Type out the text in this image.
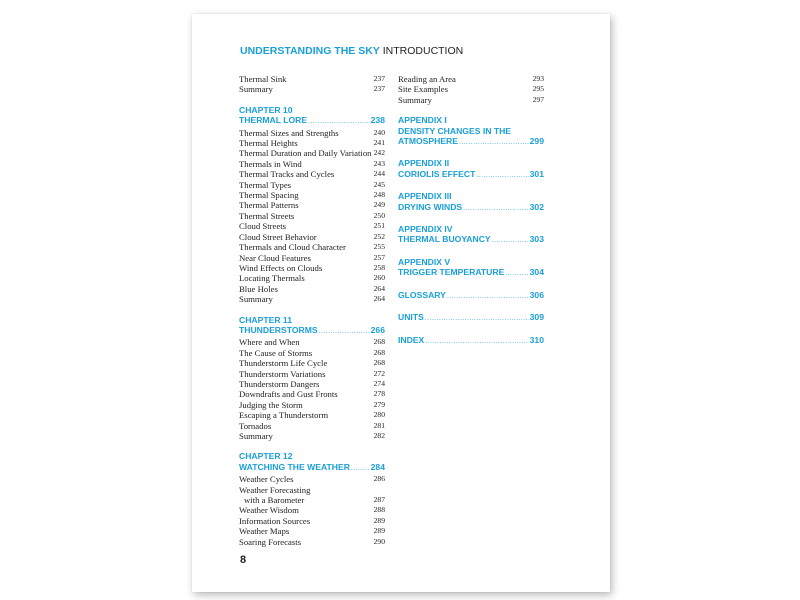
UNDERSTANDING THE SKY INTRODUCTION
Thermal Sink	237
Summary	237
CHAPTER 10
THERMAL LORE .....	238
Thermal Sizes and Strengths	240
Thermal Heights	241
Thermal Duration and Daily Variation 242
Thermals in Wind	243
Thermal Tracks and Cycles	244
Thermal Types	245
Thermal Spacing	248
Thermal Patterns	249
Thermal Streets	250
Cloud Streets	251
Cloud Street Behavior	252
Thermals and Cloud Character	255
Near Cloud Features	257
Wind Effects on Clouds	258
Locating Thermals	260
Blue Holes	264
Summary	264
CHAPTER 11
THUNDERSTORMS .....	266
Where and When	268
The Cause of Storms	268
Thunderstorm Life Cycle	268
Thunderstorm Variations	272
Thunderstorm Dangers	274
Downdrafts and Gust Fronts	278
Judging the Storm	279
Escaping a Thunderstorm	280
Tornados	281
Summary	282
CHAPTER 12
WATCHING THE WEATHER ..... 284
Weather Cycles	286
Weather Forecasting
with a Barometer	287
Weather Wisdom	288
Information Sources	289
Weather Maps	289
Soaring Forecasts	290
Reading an Area	293
Site Examples	295
Summary	297
APPENDIX I
DENSITY CHANGES IN THE
ATMOSPHERE .....	299
APPENDIX II
CORIOLIS EFFECT .....	301
APPENDIX III
DRYING WINDS .....	302
APPENDIX IV
THERMAL BUOYANCY .....	303
APPENDIX V
TRIGGER TEMPERATURE .....	304
GLOSSARY .....	306
UNITS .....	309
INDEX .....	310
8
